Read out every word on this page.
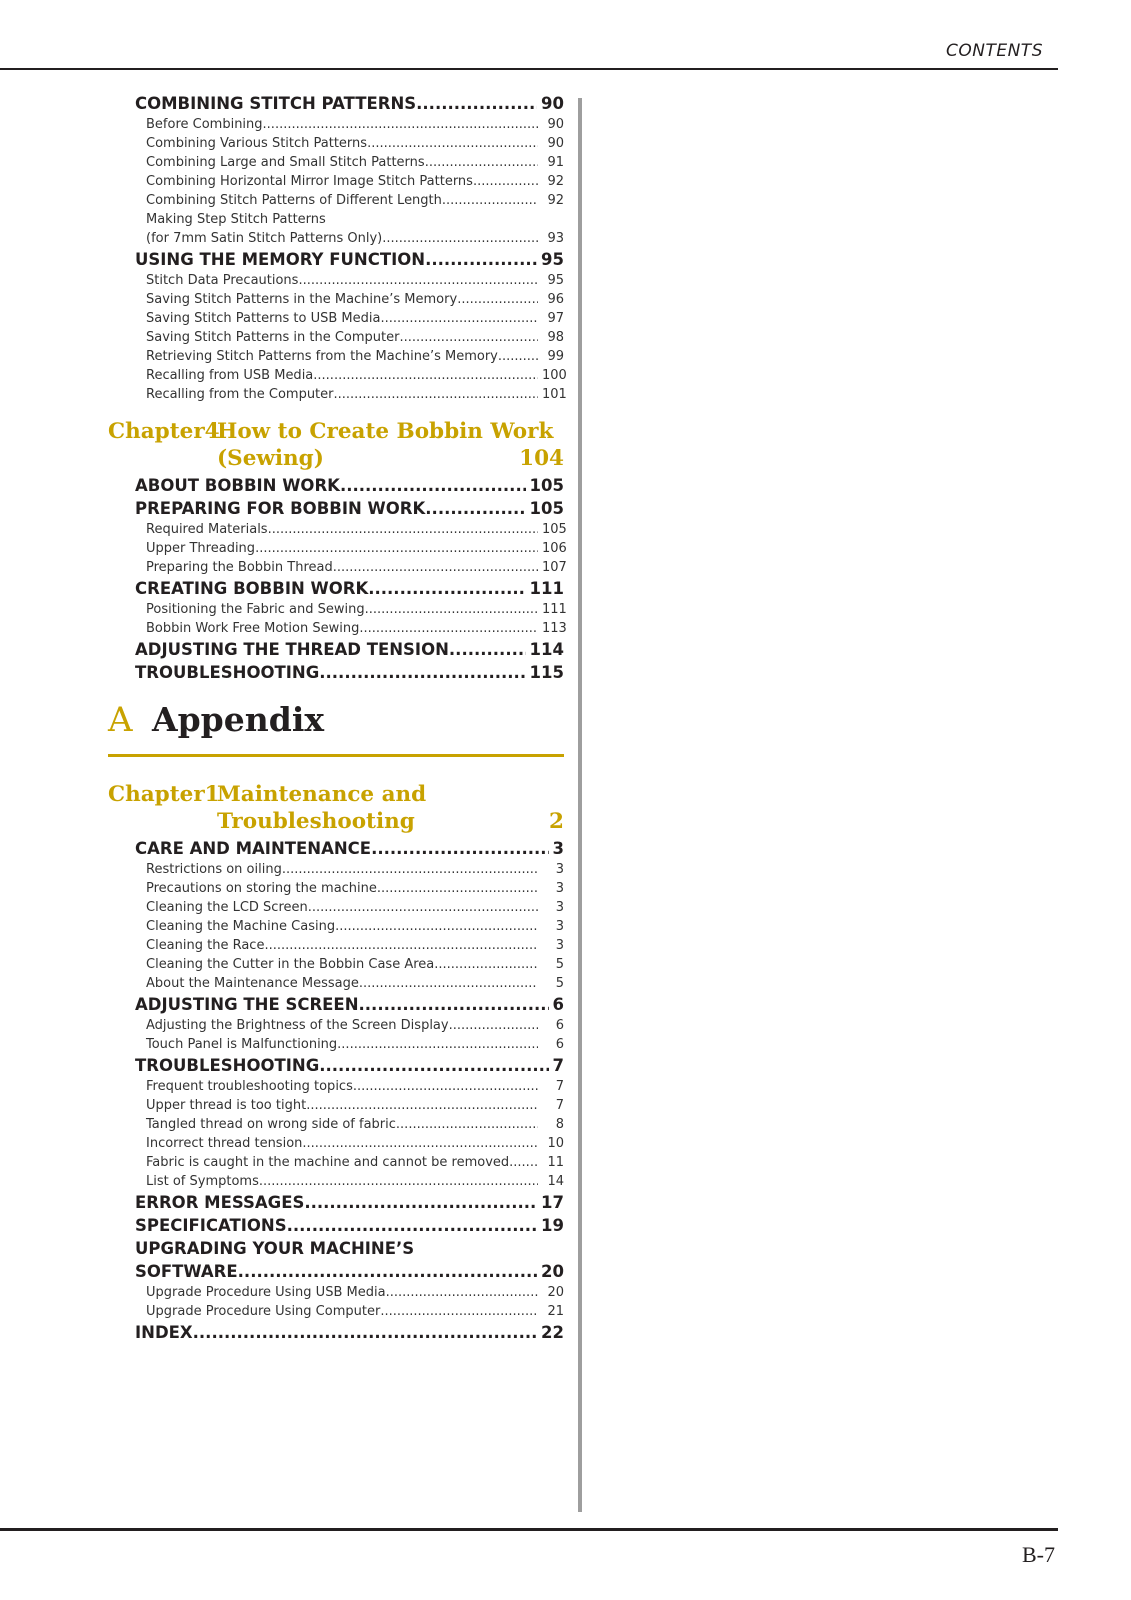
CONTENTS
COMBINING STITCH PATTERNS .....	90
Before Combining .....	90
Combining Various Stitch Patterns .....	90
Combining Large and Small Stitch Patterns .....	91
Combining Horizontal Mirror Image Stitch Patterns .....	92
Combining Stitch Patterns of Different Length .....	92
Making Step Stitch Patterns
(for 7mm Satin Stitch Patterns Only) .....	93
USING THE MEMORY FUNCTION .....	95
Stitch Data Precautions .....	95
Saving Stitch Patterns in the Machine’s Memory .....	96
Saving Stitch Patterns to USB Media .....	97
Saving Stitch Patterns in the Computer .....	98
Retrieving Stitch Patterns from the Machine’s Memory .....	99
Recalling from USB Media .....	100
Recalling from the Computer .....	101
Chapter4
How to Create Bobbin Work
(Sewing)	104
ABOUT BOBBIN WORK .....	105
PREPARING FOR BOBBIN WORK .....	105
Required Materials .....	105
Upper Threading .....	106
Preparing the Bobbin Thread .....	107
CREATING BOBBIN WORK .....	111
Positioning the Fabric and Sewing .....	111
Bobbin Work Free Motion Sewing .....	113
ADJUSTING THE THREAD TENSION .....	114
TROUBLESHOOTING .....	115
A Appendix
Chapter1
Maintenance and
Troubleshooting	2
CARE AND MAINTENANCE .....	3
Restrictions on oiling .....	3
Precautions on storing the machine .....	3
Cleaning the LCD Screen .....	3
Cleaning the Machine Casing .....	3
Cleaning the Race .....	3
Cleaning the Cutter in the Bobbin Case Area .....	5
About the Maintenance Message .....	5
ADJUSTING THE SCREEN .....	6
Adjusting the Brightness of the Screen Display .....	6
Touch Panel is Malfunctioning .....	6
TROUBLESHOOTING .....	7
Frequent troubleshooting topics .....	7
Upper thread is too tight .....	7
Tangled thread on wrong side of fabric .....	8
Incorrect thread tension .....	10
Fabric is caught in the machine and cannot be removed .....	11
List of Symptoms .....	14
ERROR MESSAGES .....	17
SPECIFICATIONS .....	19
UPGRADING YOUR MACHINE’S
SOFTWARE .....	20
Upgrade Procedure Using USB Media .....	20
Upgrade Procedure Using Computer .....	21
INDEX .....	22
B-7
